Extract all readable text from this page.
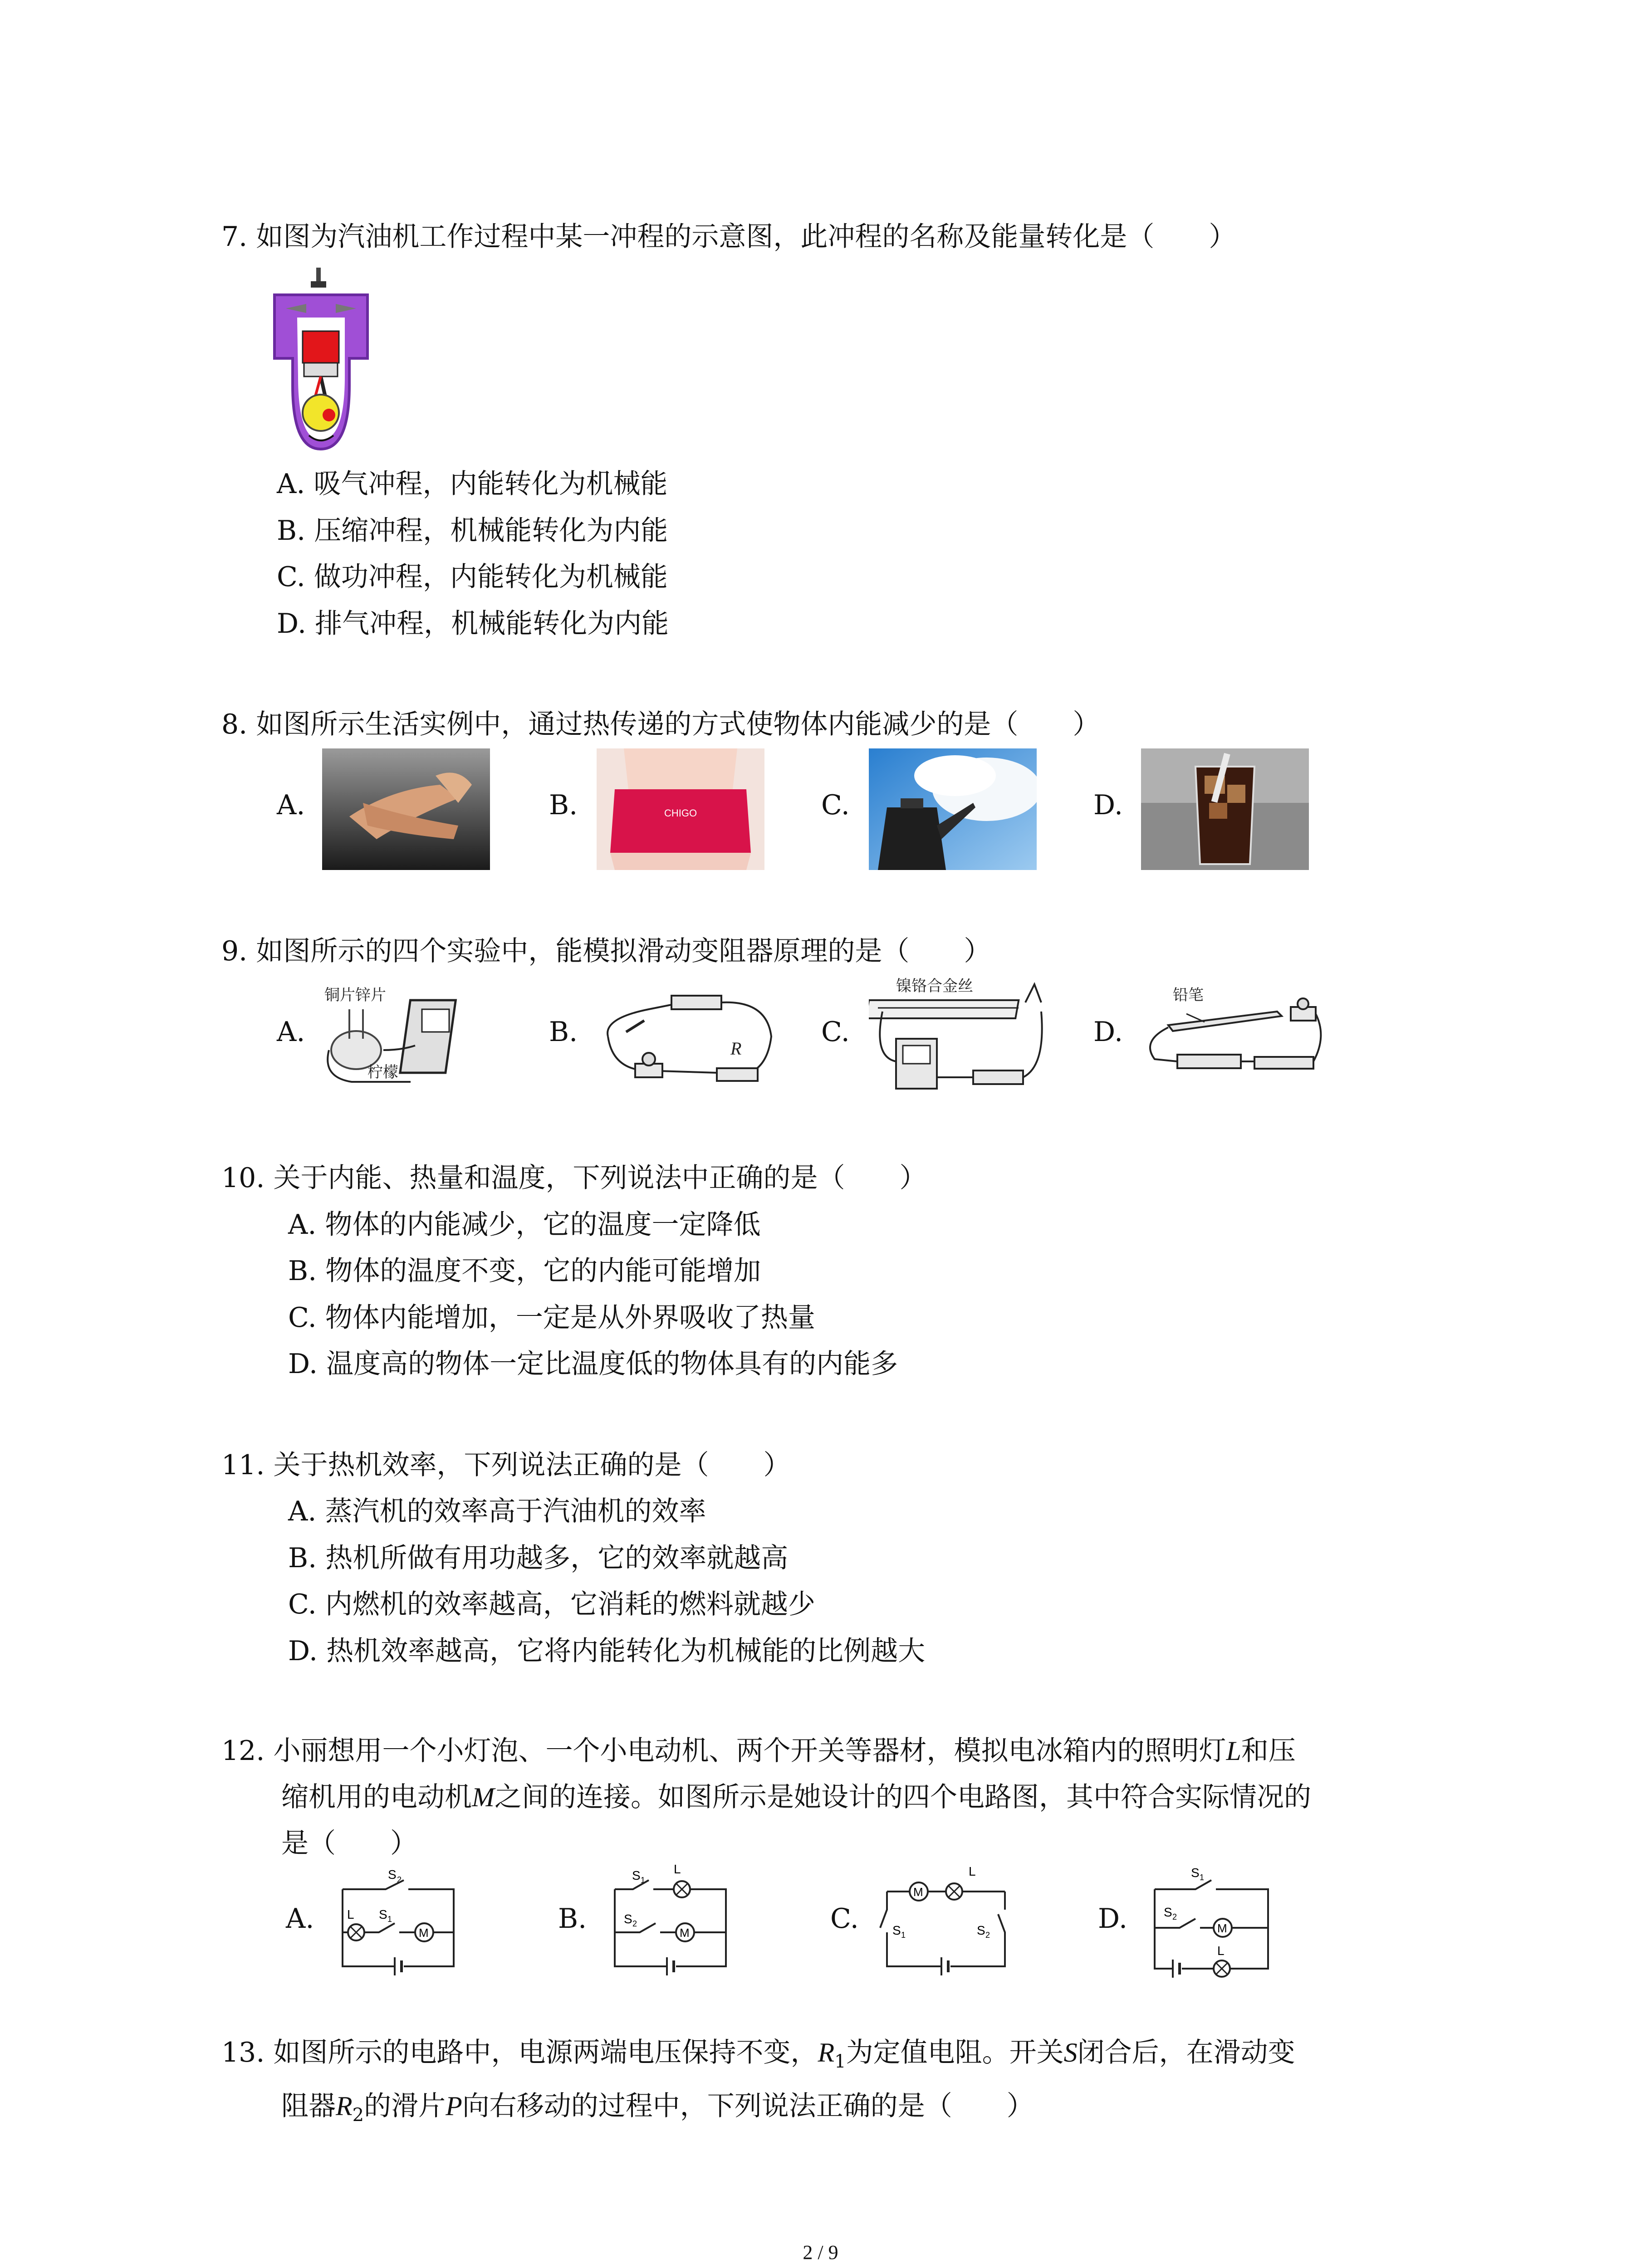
7. 如图为汽油机工作过程中某一冲程的示意图，此冲程的名称及能量转化是（　　）
A. 吸气冲程，内能转化为机械能
B. 压缩冲程，机械能转化为内能
C. 做功冲程，内能转化为机械能
D. 排气冲程，机械能转化为内能
8. 如图所示生活实例中，通过热传递的方式使物体内能减少的是（　　）
A.	B.	CHIGO	C.	D.
9. 如图所示的四个实验中，能模拟滑动变阻器原理的是（　　）
A.
铜片锌片
柠檬
B.
R
C.
镍铬合金丝
D.
铅笔
10. 关于内能、热量和温度，下列说法中正确的是（　　）
A. 物体的内能减少，它的温度一定降低
B. 物体的温度不变，它的内能可能增加
C. 物体内能增加，一定是从外界吸收了热量
D. 温度高的物体一定比温度低的物体具有的内能多
11. 关于热机效率，下列说法正确的是（　　）
A. 蒸汽机的效率高于汽油机的效率
B. 热机所做有用功越多，它的效率就越高
C. 内燃机的效率越高，它消耗的燃料就越少
D. 热机效率越高，它将内能转化为机械能的比例越大
12. 小丽想用一个小灯泡、一个小电动机、两个开关等器材，模拟电冰箱内的照明灯L和压
缩机用的电动机M之间的连接。如图所示是她设计的四个电路图，其中符合实际情况的
是（　　）
A.
S 2
L S 1
M	B.
S 1
L
S 2
M	C.
L
M
S 1	S 2
D.
S 1
S 2
M
L
13. 如图所示的电路中，电源两端电压保持不变，$R_1$为定值电阻。开关S闭合后，在滑动变
阻器$R_2$的滑片P向右移动的过程中，下列说法正确的是（　　）
2 / 9
